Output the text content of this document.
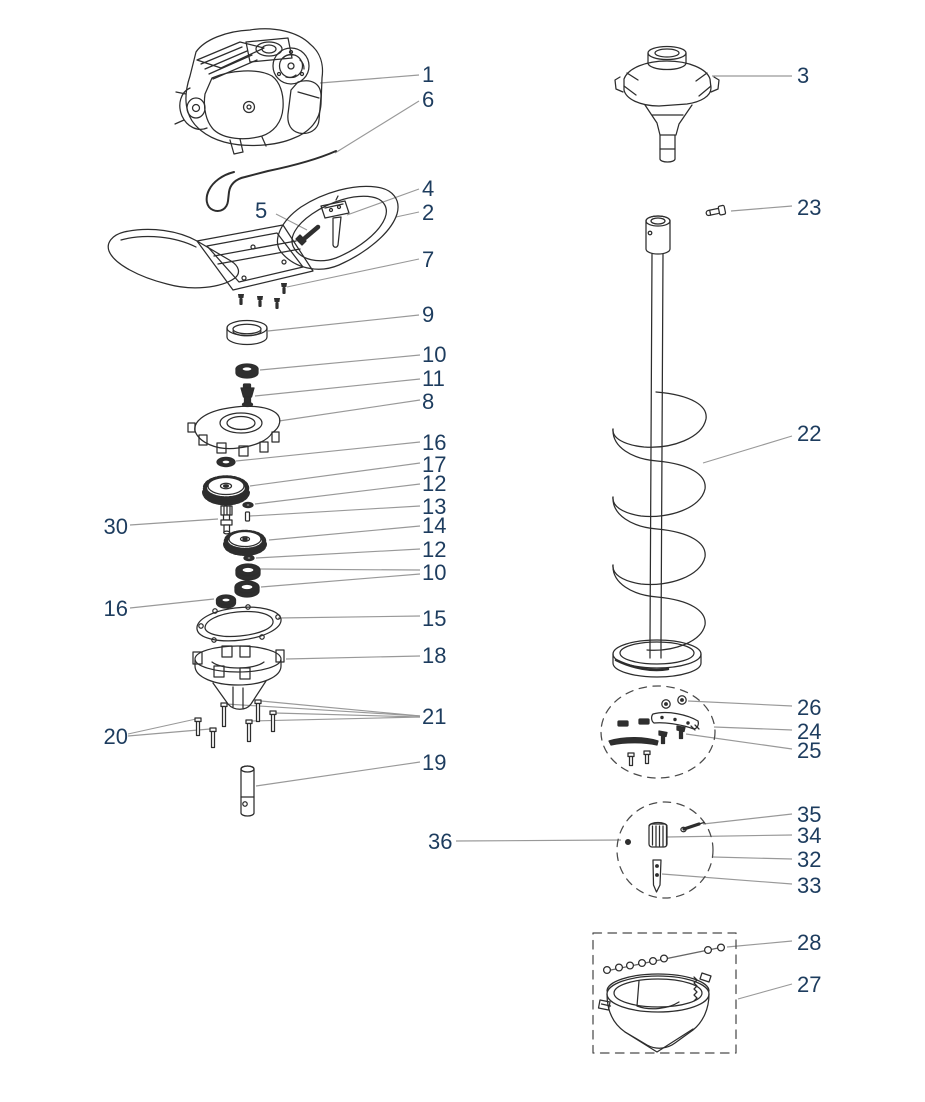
1
6
4
2
5
7
9
10
11
8
16
17
12
13
30	14
12
10
16	15
18
21
20
19
3
23
22
26
24
25
35
34
32
33
36
28
27
